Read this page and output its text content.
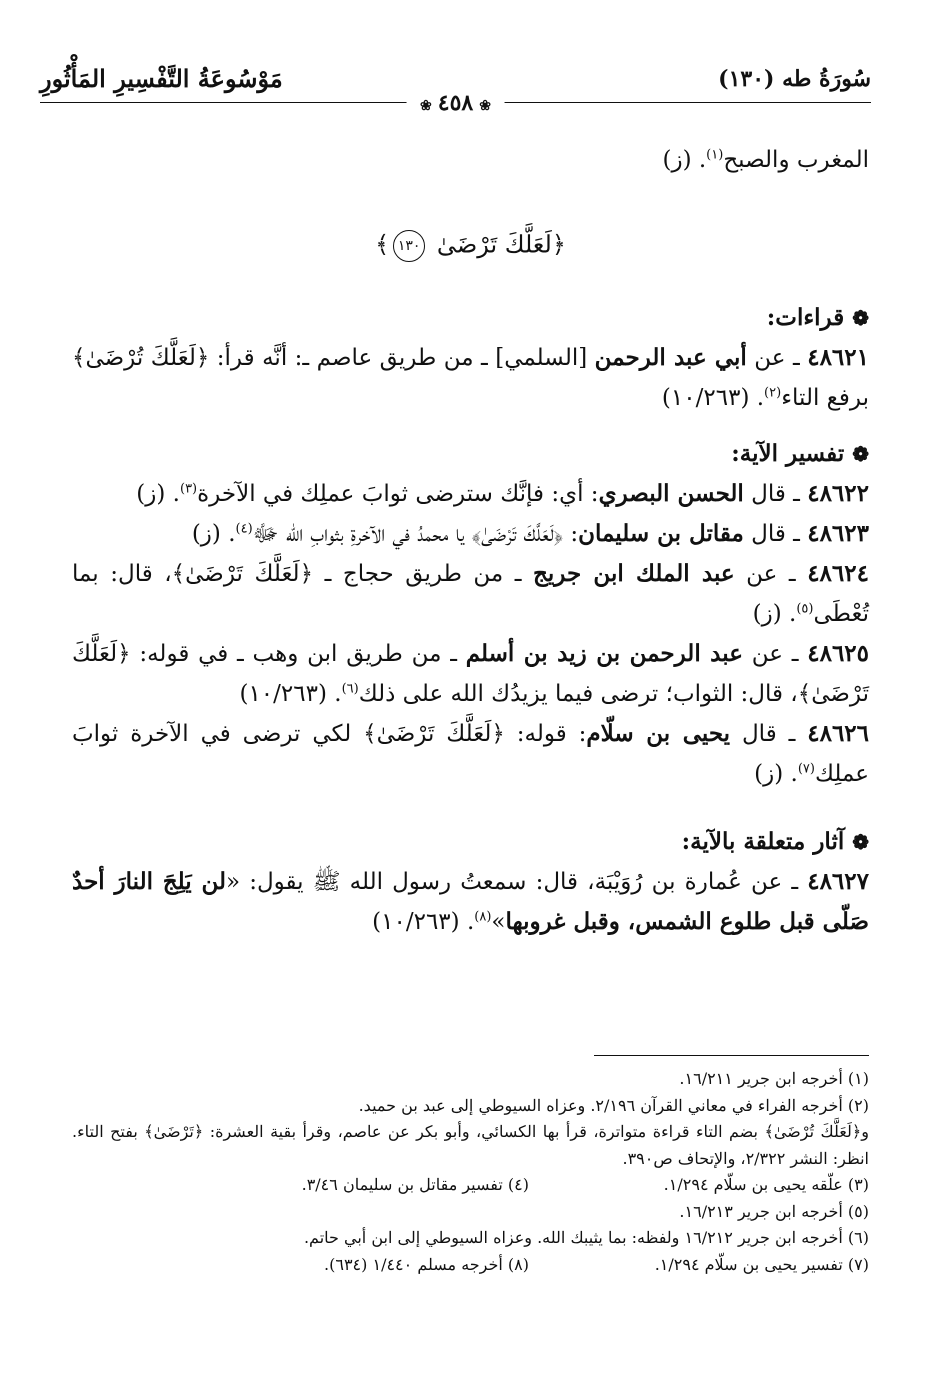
سُورَةُ طه (١٣٠)
مَوْسُوعَةُ التَّفْسِيرِ المَأْثُورِ
❀٤٥٨❀

المغرب والصبح$^{(١)}$. (ز)

﴿لَعَلَّكَ تَرْضَىٰ ١٣٠﴾

❁قراءات:

٤٨٦٢١ ـ عن أبي عبد الرحمن [السلمي] ـ من طريق عاصم ـ: أنَّه قرأ: ﴿لَعَلَّكَ تُرْضَىٰ﴾ برفع التاء$^{(٢)}$. (١٠/٢٦٣)

❁تفسير الآية:

٤٨٦٢٢ ـ قال الحسن البصري: أي: فإنَّك سترضى ثوابَ عملِك في الآخرة$^{(٣)}$. (ز)

٤٨٦٢٣ ـ قال مقاتل بن سليمان: ﴿لَعَلَّكَ تَرْضَىٰ﴾ يا محمدُ في الآخرةِ بثوابِ الله ﷻ$^{(٤)}$. (ز)

٤٨٦٢٤ ـ عن عبد الملك ابن جريج ـ من طريق حجاج ـ ﴿لَعَلَّكَ تَرْضَىٰ﴾، قال: بما تُعْطَى$^{(٥)}$. (ز)

٤٨٦٢٥ ـ عن عبد الرحمن بن زيد بن أسلم ـ من طريق ابن وهب ـ في قوله: ﴿لَعَلَّكَ تَرْضَىٰ﴾، قال: الثواب؛ ترضى فيما يزيدُك الله على ذلك$^{(٦)}$. (١٠/٢٦٣)

٤٨٦٢٦ ـ قال يحيى بن سلّام: قوله: ﴿لَعَلَّكَ تَرْضَىٰ﴾ لكي ترضى في الآخرة ثوابَ عملِك$^{(٧)}$. (ز)

❁آثار متعلقة بالآية:

٤٨٦٢٧ ـ عن عُمارة بن رُوَيْبَة، قال: سمعتُ رسول الله ﷺ يقول: «لن يَلِجَ النارَ أحدٌ صَلّى قبل طلوع الشمس، وقبل غروبها»$^{(٨)}$. (١٠/٢٦٣)

(١) أخرجه ابن جرير ١٦/٢١١.

(٢) أخرجه الفراء في معاني القرآن ٢/١٩٦. وعزاه السيوطي إلى عبد بن حميد.

و﴿لَعَلَّكَ تُرْضَىٰ﴾ بضم التاء قراءة متواترة، قرأ بها الكسائي، وأبو بكر عن عاصم، وقرأ بقية العشرة: ﴿تَرْضَىٰ﴾ بفتح التاء. انظر: النشر ٢/٣٢٢، والإتحاف ص٣٩٠.

(٣) علّقه يحيى بن سلّام ١/٢٩٤.
(٤) تفسير مقاتل بن سليمان ٣/٤٦.

(٥) أخرجه ابن جرير ١٦/٢١٣.

(٦) أخرجه ابن جرير ١٦/٢١٢ ولفظه: بما يثيبك الله. وعزاه السيوطي إلى ابن أبي حاتم.

(٧) تفسير يحيى بن سلّام ١/٢٩٤.
(٨) أخرجه مسلم ١/٤٤٠ (٦٣٤).
